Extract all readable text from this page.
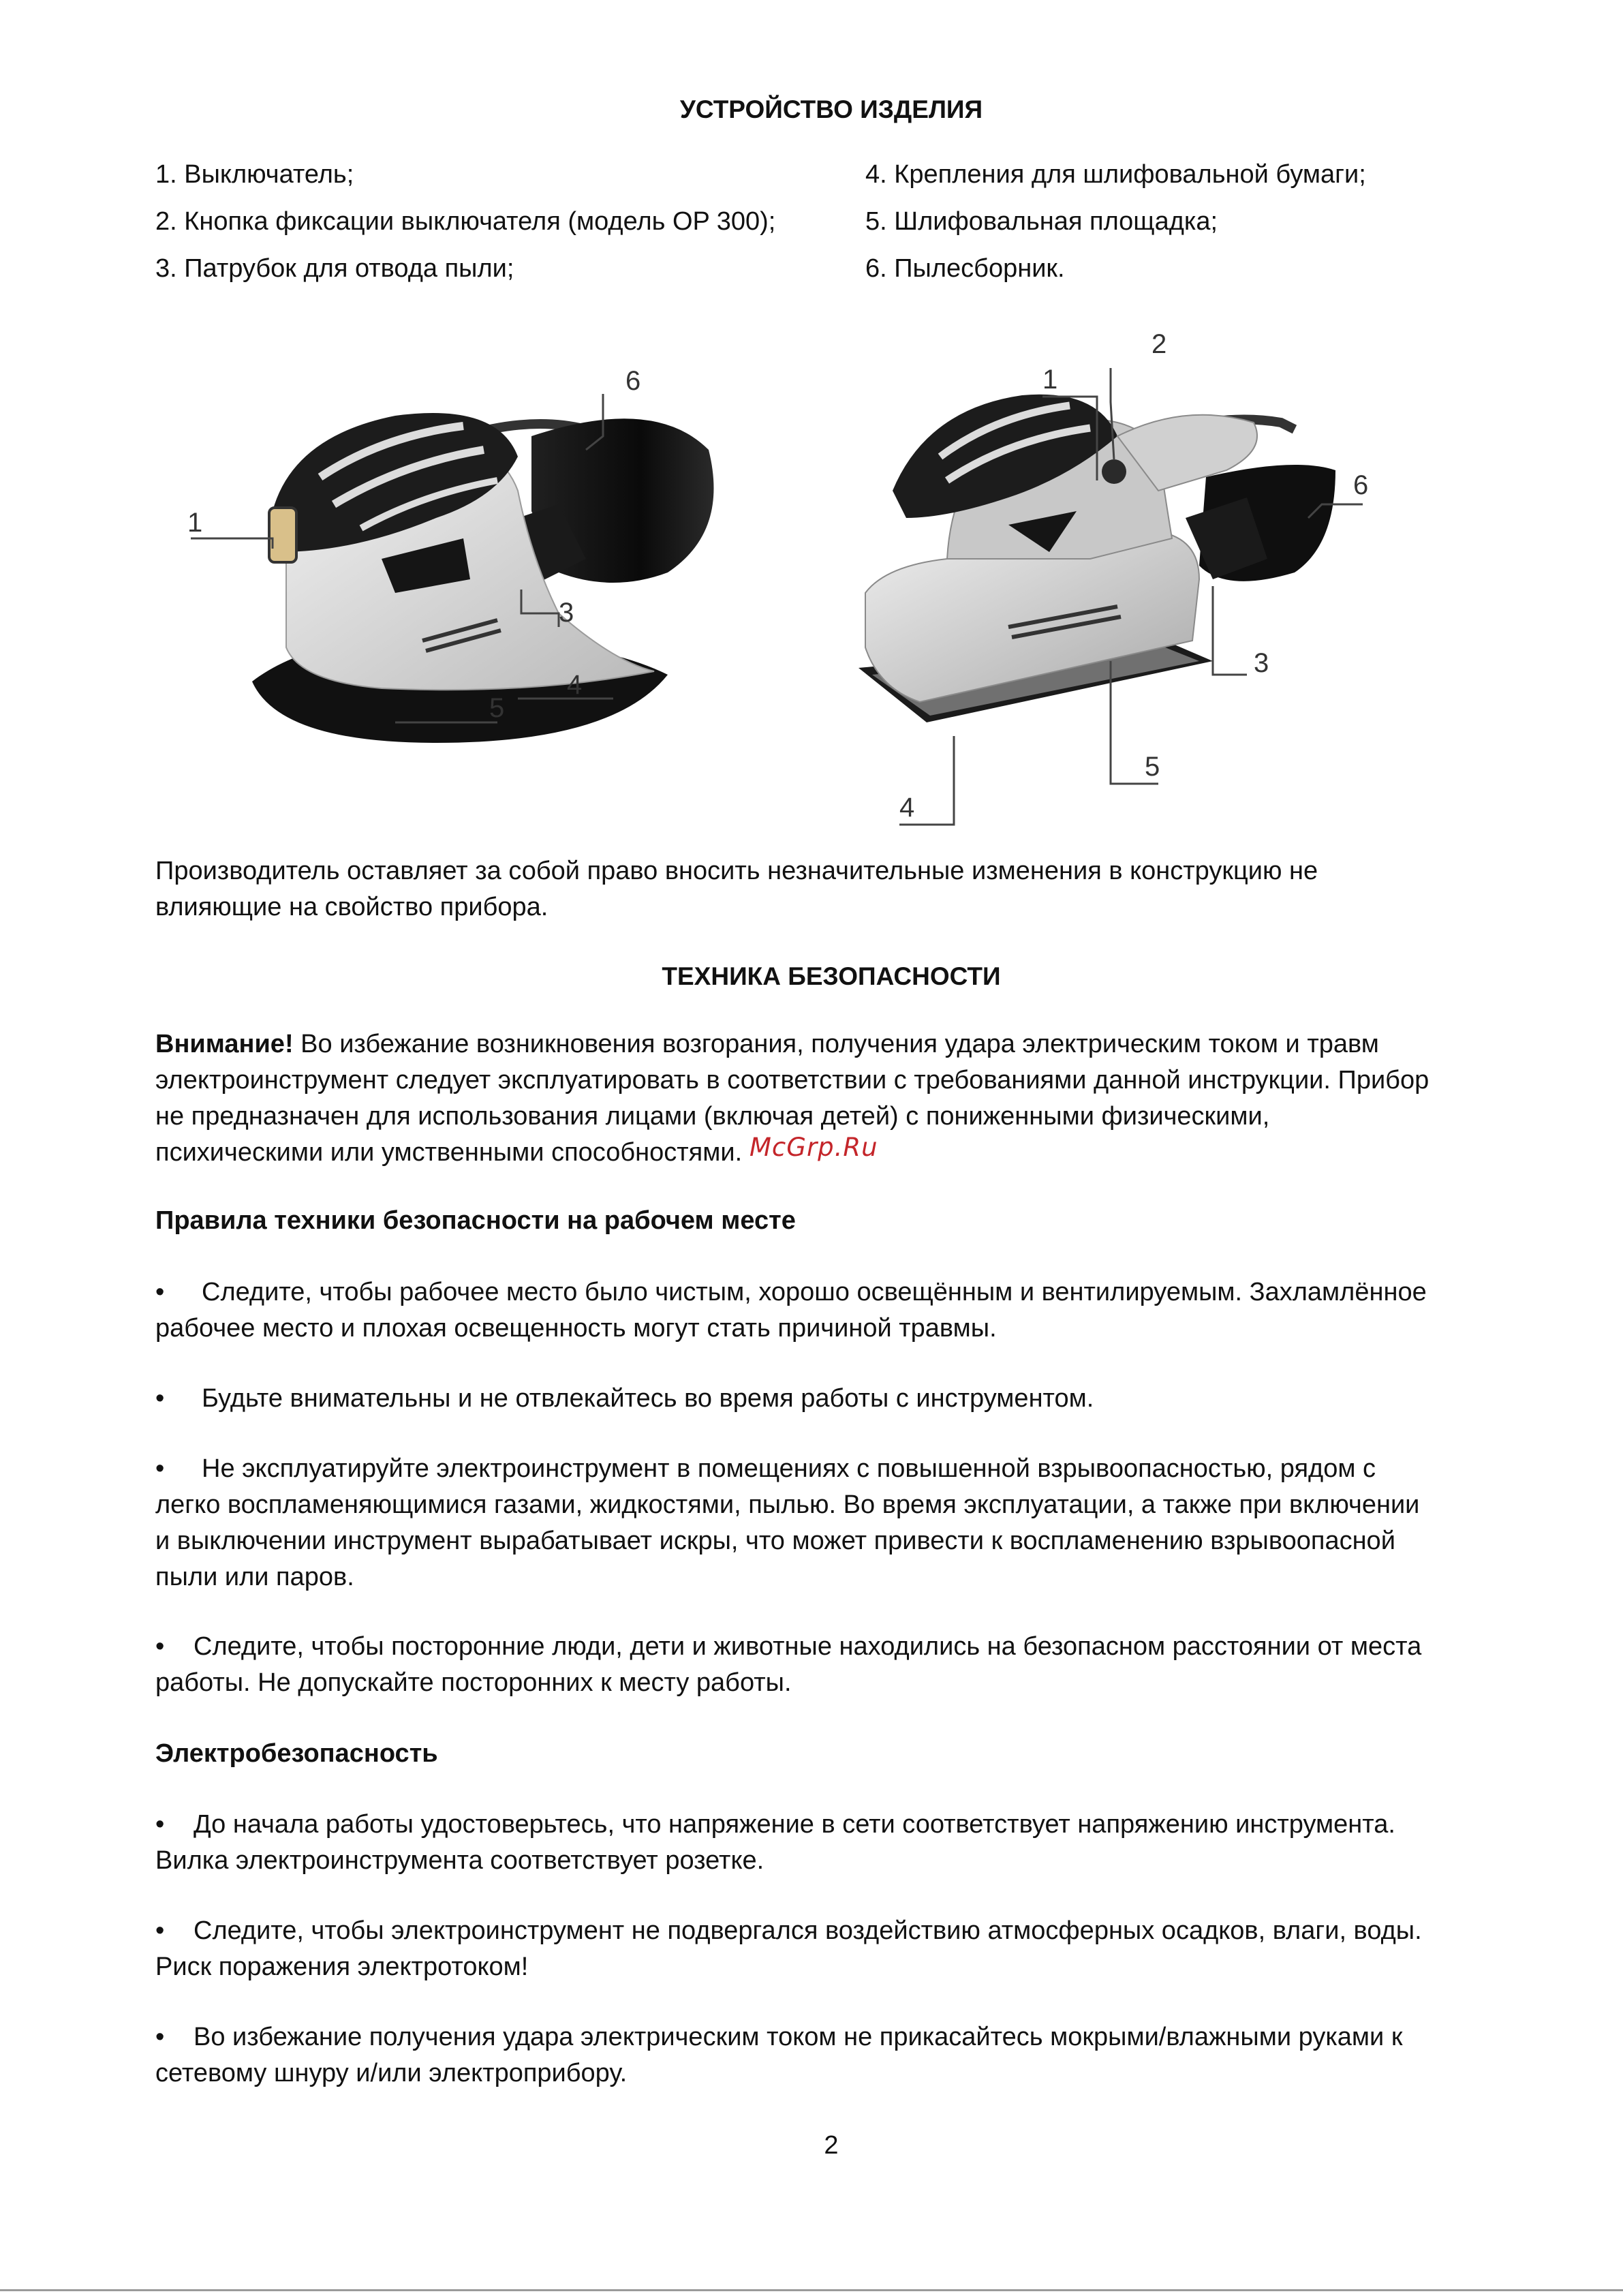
УСТРОЙСТВО ИЗДЕЛИЯ
1. Выключатель;
2. Кнопка фиксации выключателя (модель OP 300);
3. Патрубок для отвода пыли;
4. Крепления для шлифовальной бумаги;
5. Шлифовальная площадка;
6. Пылесборник.
1
6
3
4
5
1
2
6
3
5
4
Производитель оставляет за собой право вносить незначительные изменения в конструкцию не
влияющие на свойство прибора.
ТЕХНИКА БЕЗОПАСНОСТИ
Внимание! Во избежание возникновения возгорания, получения удара электрическим током и травм
электроинструмент следует эксплуатировать в соответствии с требованиями данной инструкции. Прибор
не предназначен для использования лицами (включая детей) с пониженными физическими,
психическими или умственными способностями. McGrp.Ru
Правила техники безопасности на рабочем месте
• Следите, чтобы рабочее место было чистым, хорошо освещённым и вентилируемым. Захламлённое
рабочее место и плохая освещенность могут стать причиной травмы.
• Будьте внимательны и не отвлекайтесь во время работы с инструментом.
• Не эксплуатируйте электроинструмент в помещениях с повышенной взрывоопасностью, рядом с
легко воспламеняющимися газами, жидкостями, пылью. Во время эксплуатации, а также при включении
и выключении инструмент вырабатывает искры, что может привести к воспламенению взрывоопасной
пыли или паров.
• Следите, чтобы посторонние люди, дети и животные находились на безопасном расстоянии от места
работы. Не допускайте посторонних к месту работы.
Электробезопасность
• До начала работы удостоверьтесь, что напряжение в сети соответствует напряжению инструмента.
Вилка электроинструмента соответствует розетке.
• Следите, чтобы электроинструмент не подвергался воздействию атмосферных осадков, влаги, воды.
Риск поражения электротоком!
• Во избежание получения удара электрическим током не прикасайтесь мокрыми/влажными руками к
сетевому шнуру и/или электроприбору.
2
